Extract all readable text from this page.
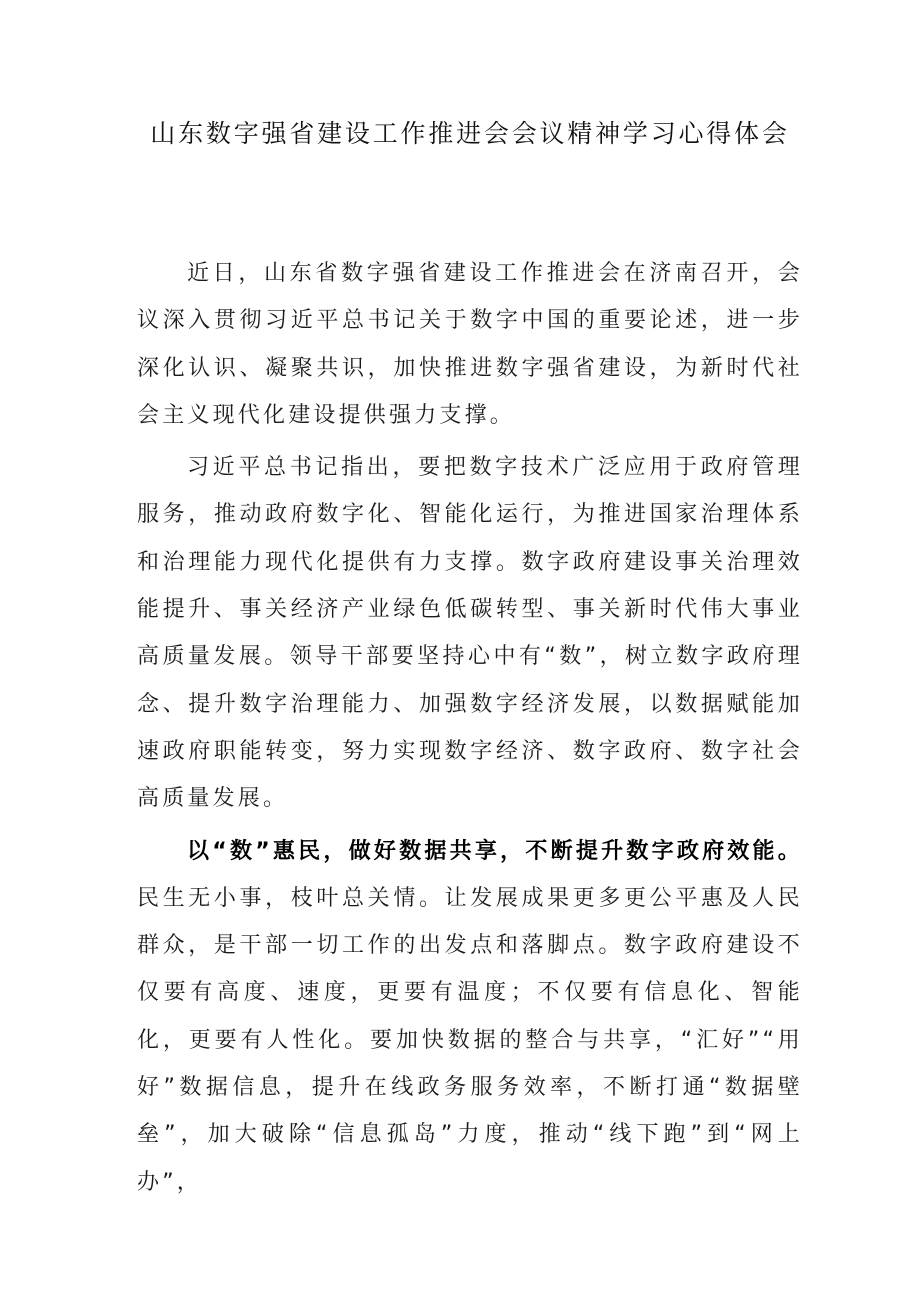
山东数字强省建设工作推进会会议精神学习心得体会

近日，山东省数字强省建设工作推进会在济南召开，会议深入贯彻习近平总书记关于数字中国的重要论述，进一步深化认识、凝聚共识，加快推进数字强省建设，为新时代社会主义现代化建设提供强力支撑。

习近平总书记指出，要把数字技术广泛应用于政府管理服务，推动政府数字化、智能化运行，为推进国家治理体系和治理能力现代化提供有力支撑。数字政府建设事关治理效能提升、事关经济产业绿色低碳转型、事关新时代伟大事业高质量发展。领导干部要坚持心中有“数”，树立数字政府理念、提升数字治理能力、加强数字经济发展，以数据赋能加速政府职能转变，努力实现数字经济、数字政府、数字社会高质量发展。

以“数”惠民，做好数据共享，不断提升数字政府效能。民生无小事，枝叶总关情。让发展成果更多更公平惠及人民群众，是干部一切工作的出发点和落脚点。数字政府建设不仅要有高度、速度，更要有温度；不仅要有信息化、智能化，更要有人性化。要加快数据的整合与共享，“汇好”“用好”数据信息，提升在线政务服务效率，不断打通“数据壁垒”，加大破除“信息孤岛”力度，推动“线下跑”到“网上办”，
